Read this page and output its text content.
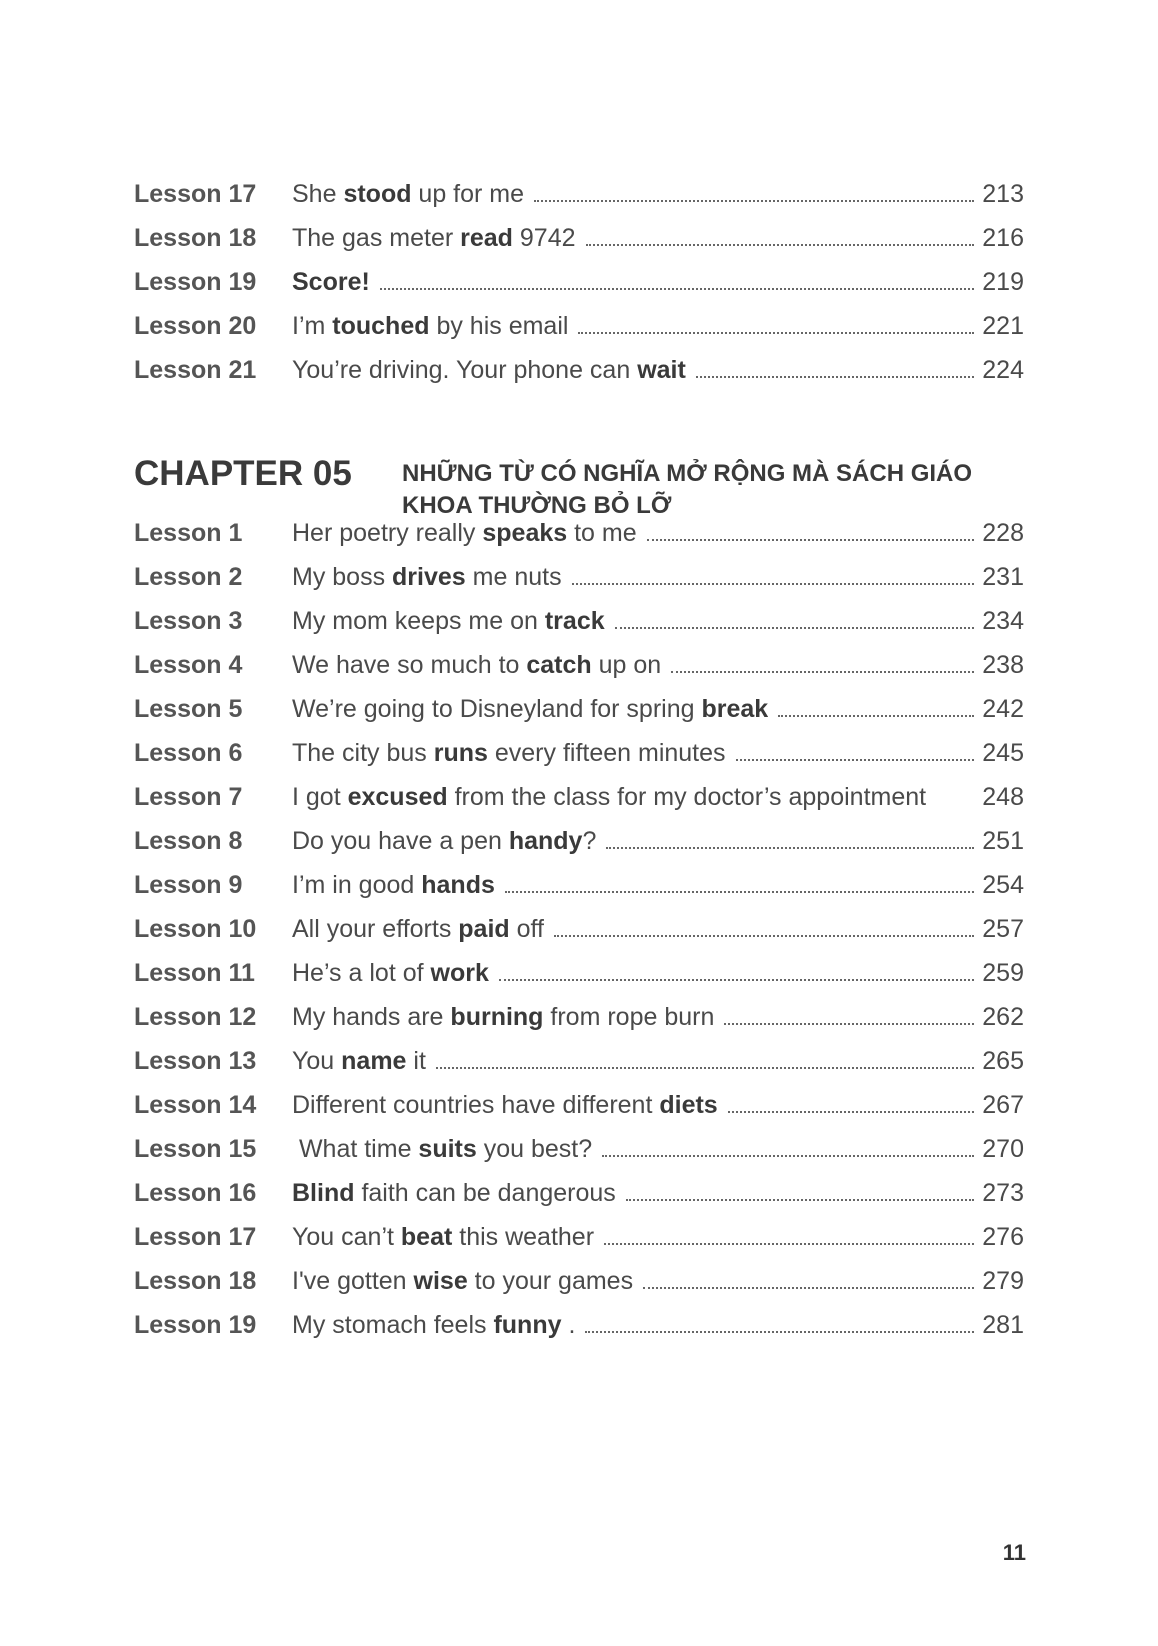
Lesson 17	She stood up for me	213
Lesson 18	The gas meter read 9742	216
Lesson 19	Score!	219
Lesson 20	I’m touched by his email	221
Lesson 21	You’re driving. Your phone can wait	224
CHAPTER 05	NHỮNG TỪ CÓ NGHĨA MỞ RỘNG MÀ SÁCH GIÁO KHOA THƯỜNG BỎ LỠ
Lesson 1	Her poetry really speaks to me	228
Lesson 2	My boss drives me nuts	231
Lesson 3	My mom keeps me on track	234
Lesson 4	We have so much to catch up on	238
Lesson 5	We’re going to Disneyland for spring break	242
Lesson 6	The city bus runs every fifteen minutes	245
Lesson 7	I got excused from the class for my doctor’s appointment 248
Lesson 8	Do you have a pen handy?	251
Lesson 9	I’m in good hands	254
Lesson 10	All your efforts paid off	257
Lesson 11	He’s a lot of work	259
Lesson 12	My hands are burning from rope burn	262
Lesson 13	You name it	265
Lesson 14	Different countries have different diets	267
Lesson 15	What time suits you best?	270
Lesson 16	Blind faith can be dangerous	273
Lesson 17	You can’t beat this weather	276
Lesson 18	I've gotten wise to your games	279
Lesson 19	My stomach feels funny .	281
11
